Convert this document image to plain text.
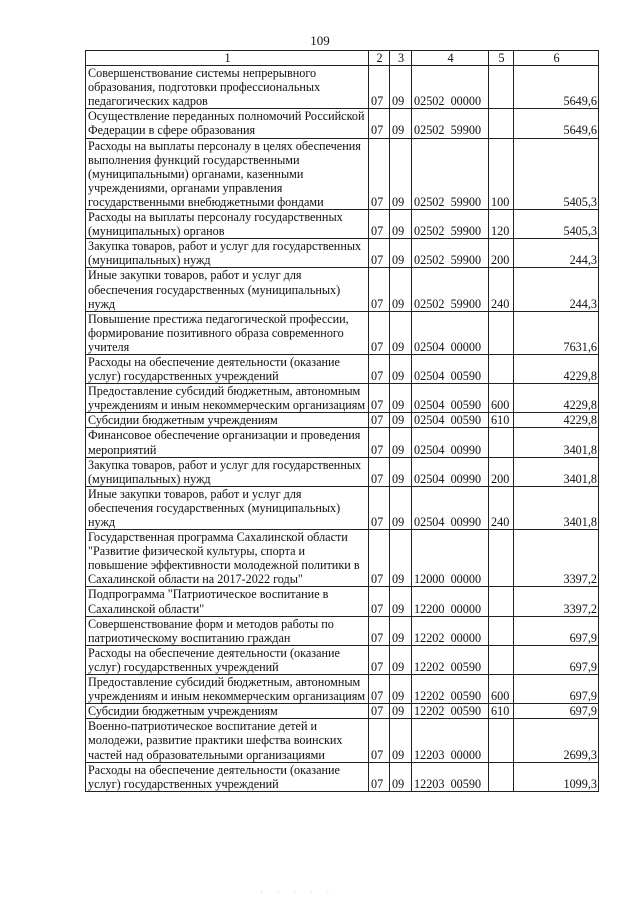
109
1	2	3	4	5	6
Совершенствование системы непрерывного образования, подготовки профессиональных педагогических кадров	07	09	02502  00000		5649,6
Осуществление переданных полномочий Российской Федерации в сфере образования	07	09	02502  59900		5649,6
Расходы на выплаты персоналу в целях обеспечения выполнения функций государственными (муниципальными) органами, казенными учреждениями, органами управления государственными внебюджетными фондами	07	09	02502  59900	100	5405,3
Расходы на выплаты персоналу государственных (муниципальных) органов	07	09	02502  59900	120	5405,3
Закупка товаров, работ и услуг для государственных (муниципальных) нужд	07	09	02502  59900	200	244,3
Иные закупки товаров, работ и услуг для обеспечения государственных (муниципальных) нужд	07	09	02502  59900	240	244,3
Повышение престижа педагогической профессии, формирование позитивного образа современного учителя	07	09	02504  00000		7631,6
Расходы на обеспечение деятельности (оказание услуг) государственных учреждений	07	09	02504  00590		4229,8
Предоставление субсидий бюджетным, автономным учреждениям и иным некоммерческим организациям	07	09	02504  00590	600	4229,8
Субсидии бюджетным учреждениям	07	09	02504  00590	610	4229,8
Финансовое обеспечение организации и проведения мероприятий	07	09	02504  00990		3401,8
Закупка товаров, работ и услуг для государственных (муниципальных) нужд	07	09	02504  00990	200	3401,8
Иные закупки товаров, работ и услуг для обеспечения государственных (муниципальных) нужд	07	09	02504  00990	240	3401,8
Государственная программа Сахалинской области "Развитие физической культуры, спорта и повышение эффективности молодежной политики в Сахалинской области на 2017-2022 годы"	07	09	12000  00000		3397,2
Подпрограмма "Патриотическое воспитание в Сахалинской области"	07	09	12200  00000		3397,2
Совершенствование форм и методов работы по патриотическому воспитанию граждан	07	09	12202  00000		697,9
Расходы на обеспечение деятельности (оказание услуг) государственных учреждений	07	09	12202  00590		697,9
Предоставление субсидий бюджетным, автономным учреждениям и иным некоммерческим организациям	07	09	12202  00590	600	697,9
Субсидии бюджетным учреждениям	07	09	12202  00590	610	697,9
Военно-патриотическое воспитание детей и молодежи, развитие практики шефства воинских частей над образовательными организациями	07	09	12203  00000		2699,3
Расходы на обеспечение деятельности (оказание услуг) государственных учреждений	07	09	12203  00590		1099,3
· · · · ·
